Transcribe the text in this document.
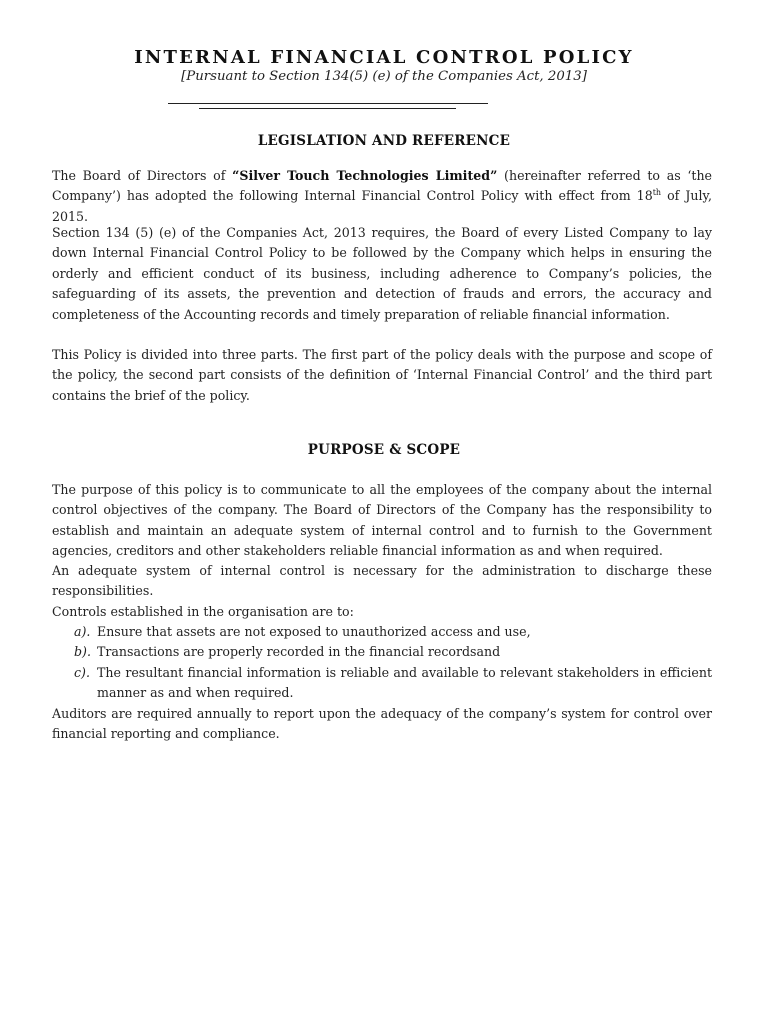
INTERNAL FINANCIAL CONTROL POLICY
[Pursuant to Section 134(5) (e) of the Companies Act, 2013]
LEGISLATION AND REFERENCE
The Board of Directors of “Silver Touch Technologies Limited” (hereinafter referred to as ‘the Company’) has adopted the following Internal Financial Control Policy with effect from 18th of July, 2015.
Section 134 (5) (e) of the Companies Act, 2013 requires, the Board of every Listed Company to lay down Internal Financial Control Policy to be followed by the Company which helps in ensuring the orderly and efficient conduct of its business, including adherence to Company’s policies, the safeguarding of its assets, the prevention and detection of frauds and errors, the accuracy and completeness of the Accounting records and timely preparation of reliable financial information.
This Policy is divided into three parts. The first part of the policy deals with the purpose and scope of the policy, the second part consists of the definition of ‘Internal Financial Control’ and the third part contains the brief of the policy.
PURPOSE & SCOPE
The purpose of this policy is to communicate to all the employees of the company about the internal control objectives of the company. The Board of Directors of the Company has the responsibility to establish and maintain an adequate system of internal control and to furnish to the Government agencies, creditors and other stakeholders reliable financial information as and when required.
An adequate system of internal control is necessary for the administration to discharge these responsibilities.
Controls established in the organisation are to:
a). Ensure that assets are not exposed to unauthorized access and use,
b). Transactions are properly recorded in the financial recordsand
c). The resultant financial information is reliable and available to relevant stakeholders in efficient manner as and when required.
Auditors are required annually to report upon the adequacy of the company’s system for control over financial reporting and compliance.
